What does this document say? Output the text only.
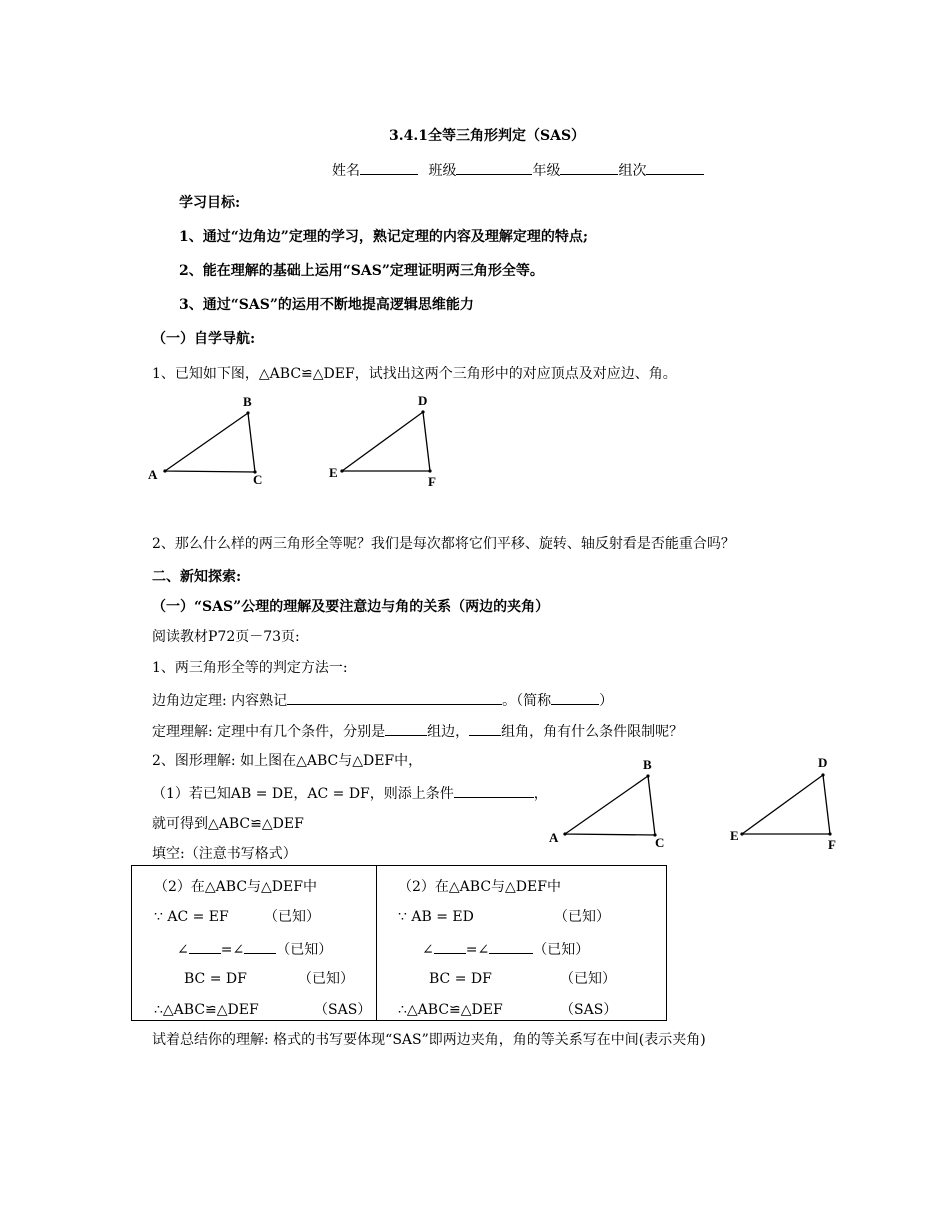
3.4.1全等三角形判定（SAS）
姓名	班级	年级	组次
学习目标:
1、通过“边角边”定理的学习，熟记定理的内容及理解定理的特点;
2、能在理解的基础上运用“SAS”定理证明两三角形全等。
3、通过“SAS”的运用不断地提高逻辑思维能力
（一）自学导航:
1、已知如下图，△ABC≌△DEF，试找出这两个三角形中的对应顶点及对应边、角。
B
A	C
D
E
F
2、那么什么样的两三角形全等呢？我们是每次都将它们平移、旋转、轴反射看是否能重合吗？
二、新知探索:
（一）“SAS”公理的理解及要注意边与角的关系（两边的夹角）
阅读教材P72页－73页:
1、两三角形全等的判定方法一:
边角边定理: 内容熟记	。（简称	）
定理理解: 定理中有几个条件，分别是	组边， 组角，角有什么条件限制呢？
2、图形理解: 如上图在△ABC与△DEF中，
（1）若已知AB = DE，AC = DF，则添上条件	，
就可得到△ABC≌△DEF
填空:（注意书写格式）
B
A	C
D
E
F
（2）在△ABC与△DEF中
∵ AC = EF	（已知）
∠ =∠ （已知）
BC = DF	（已知）
∴△ABC≌△DEF	（SAS）
（2）在△ABC与△DEF中
∵ AB = ED	（已知）
∠ =∠	（已知）
BC = DF	（已知）
∴△ABC≌△DEF	（SAS）
试着总结你的理解: 格式的书写要体现“SAS”即两边夹角，角的等关系写在中间(表示夹角)
